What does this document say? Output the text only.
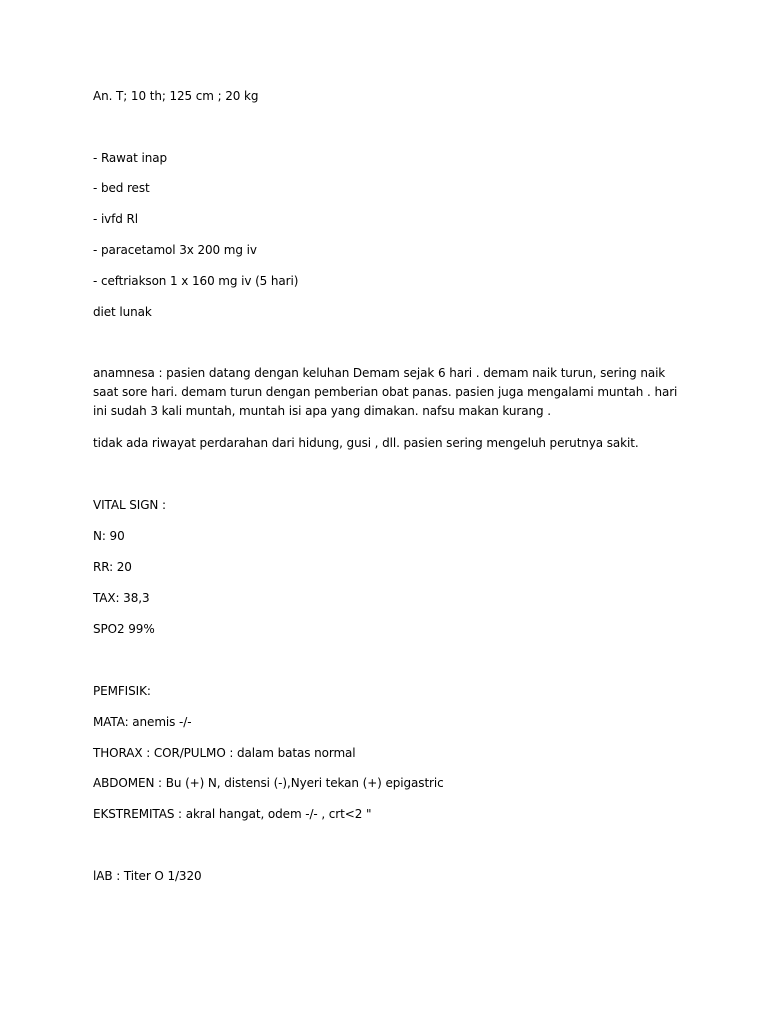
An. T; 10 th; 125 cm ; 20 kg
- Rawat inap
- bed rest
- ivfd Rl
- paracetamol 3x 200 mg iv
- ceftriakson 1 x 160 mg iv (5 hari)
diet lunak
anamnesa : pasien datang dengan keluhan Demam sejak 6 hari . demam naik turun, sering naik saat sore hari. demam turun dengan pemberian obat panas. pasien juga mengalami muntah . hari ini sudah 3 kali muntah, muntah isi apa yang dimakan. nafsu makan kurang .
tidak ada riwayat perdarahan dari hidung, gusi , dll. pasien sering mengeluh perutnya sakit.
VITAL SIGN :
N: 90
RR: 20
TAX: 38,3
SPO2 99%
PEMFISIK:
MATA: anemis -/-
THORAX : COR/PULMO : dalam batas normal
ABDOMEN : Bu (+) N, distensi (-),Nyeri tekan (+) epigastric
EKSTREMITAS : akral hangat, odem -/- , crt<2 "
lAB : Titer O 1/320
